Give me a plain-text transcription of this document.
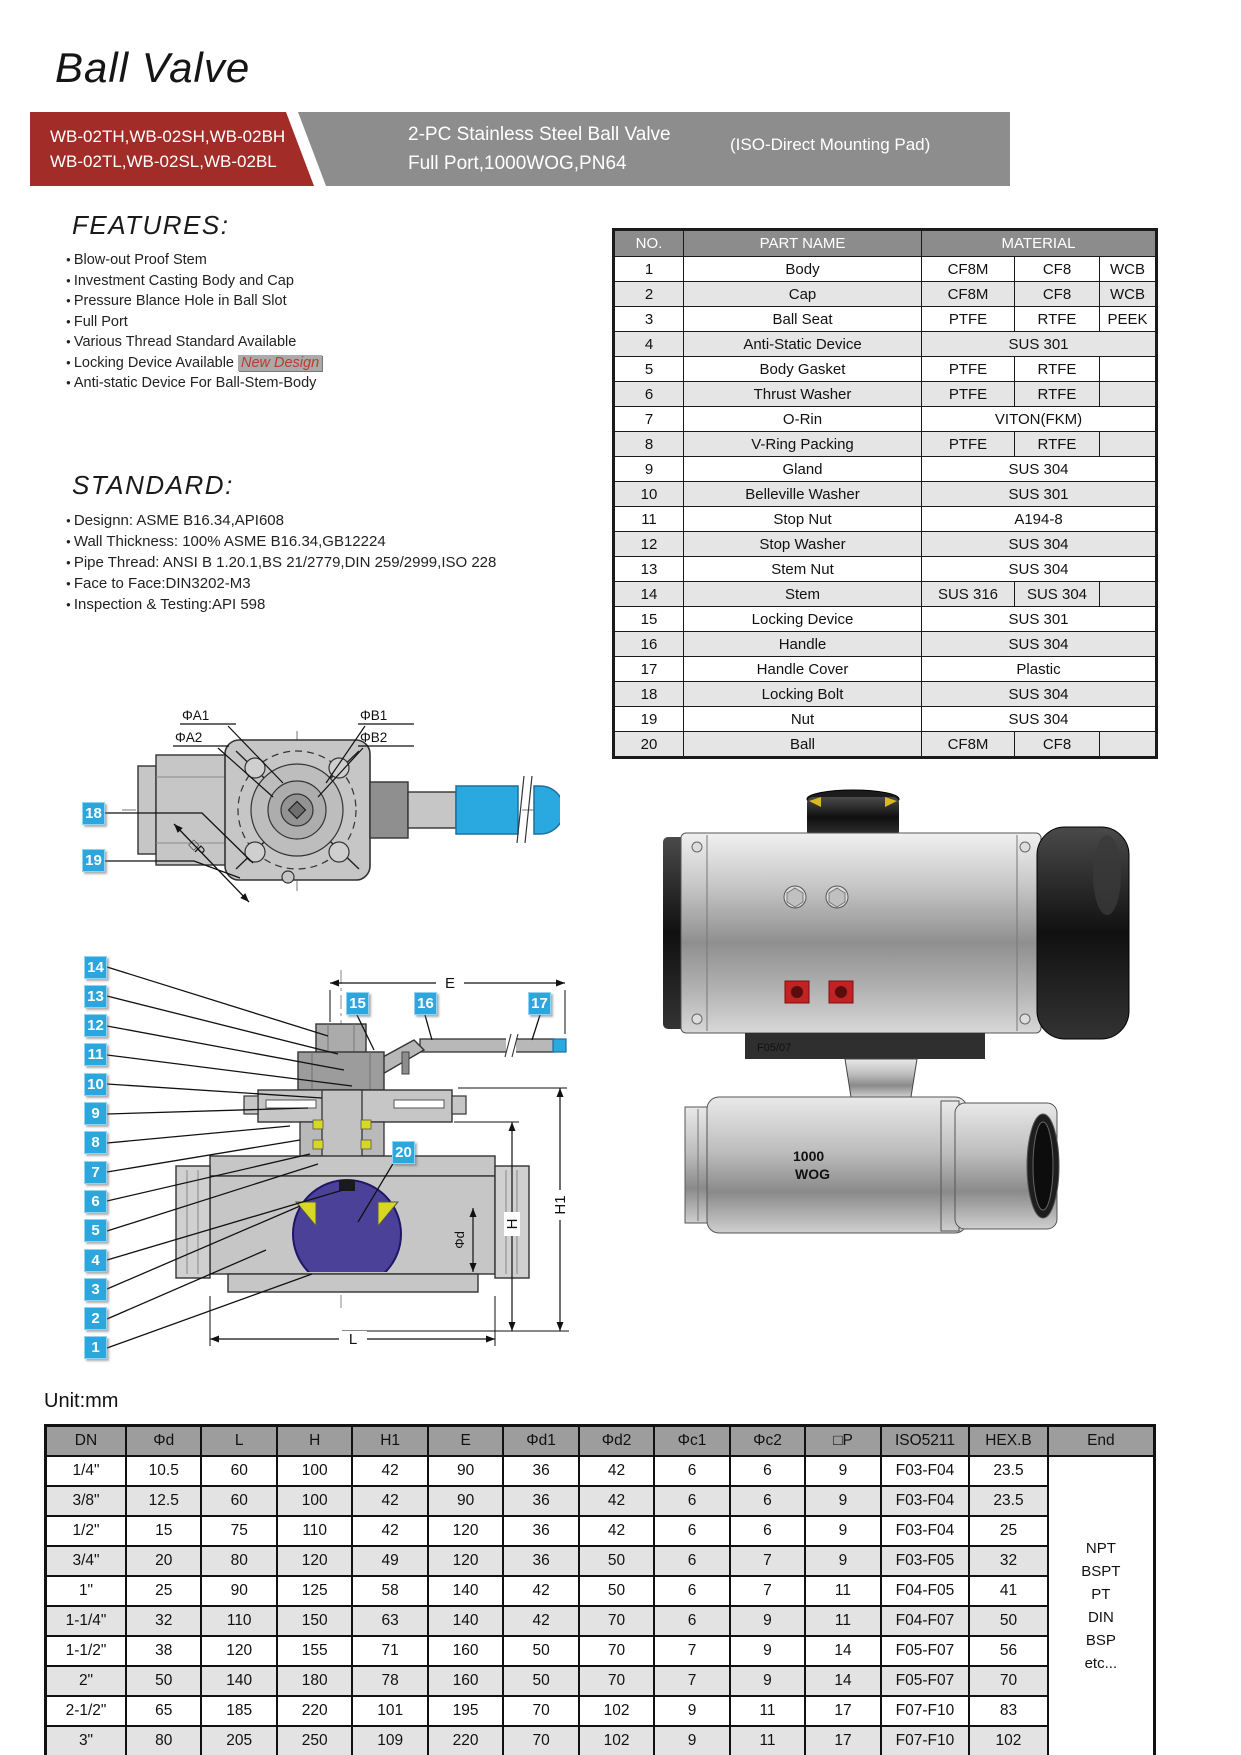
Ball Valve
WB-02TH,WB-02SH,WB-02BH
WB-02TL,WB-02SL,WB-02BL
2-PC Stainless Steel Ball Valve
Full Port,1000WOG,PN64
(ISO-Direct Mounting Pad)
FEATURES:
● Blow-out Proof Stem
● Investment Casting Body and Cap
● Pressure Blance Hole in Ball Slot
● Full Port
● Various Thread Standard Available
● Locking Device Available New Design
● Anti-static Device For Ball-Stem-Body
STANDARD:
● Designn: ASME B16.34,API608
● Wall Thickness: 100% ASME B16.34,GB12224
● Pipe Thread: ANSI B 1.20.1,BS 21/2779,DIN 259/2999,ISO 228
● Face to Face:DIN3202-M3
● Inspection & Testing:API 598
NO.	PART NAME	MATERIAL		
1	Body	CF8M	CF8	WCB
2	Cap	CF8M	CF8	WCB
3	Ball Seat	PTFE	RTFE	PEEK
4	Anti-Static Device	SUS 301		
5	Body Gasket	PTFE	RTFE	
6	Thrust Washer	PTFE	RTFE	
7	O-Rin	VITON(FKM)		
8	V-Ring Packing	PTFE	RTFE	
9	Gland	SUS 304		
10	Belleville Washer	SUS 301		
11	Stop Nut	A194-8		
12	Stop Washer	SUS 304		
13	Stem Nut	SUS 304		
14	Stem	SUS 316	SUS 304	
15	Locking Device	SUS 301		
16	Handle	SUS 304		
17	Handle Cover	Plastic		
18	Locking Bolt	SUS 304		
19	Nut	SUS 304		
20	Ball	CF8M	CF8	
ΦA1
ΦA2
ΦB1
ΦB2
□P
E
Φd
H
H1
L
F05/07
1000
WOG
Unit:mm
DN	Φd	L	H	H1	E	Φd1	Φd2	Φc1	Φc2	□P	ISO5211	HEX.B	End
1/4"	10.5	60	100	42	90	36	42	6	6	9	F03-F04	23.5	
NPT
BSPT
PT
DIN
BSP
etc...

3/8"	12.5	60	100	42	90	36	42	6	6	9	F03-F04	23.5	
1/2"	15	75	110	42	120	36	42	6	6	9	F03-F04	25	
3/4"	20	80	120	49	120	36	50	6	7	9	F03-F05	32	
1"	25	90	125	58	140	42	50	6	7	11	F04-F05	41	
1-1/4"	32	110	150	63	140	42	70	6	9	11	F04-F07	50	
1-1/2"	38	120	155	71	160	50	70	7	9	14	F05-F07	56	
2"	50	140	180	78	160	50	70	7	9	14	F05-F07	70	
2-1/2"	65	185	220	101	195	70	102	9	11	17	F07-F10	83	
3"	80	205	250	109	220	70	102	9	11	17	F07-F10	102	
18
19
14
13
12
11
10
9
8
7
6
5
4
3
2
1
15	16	17
20
